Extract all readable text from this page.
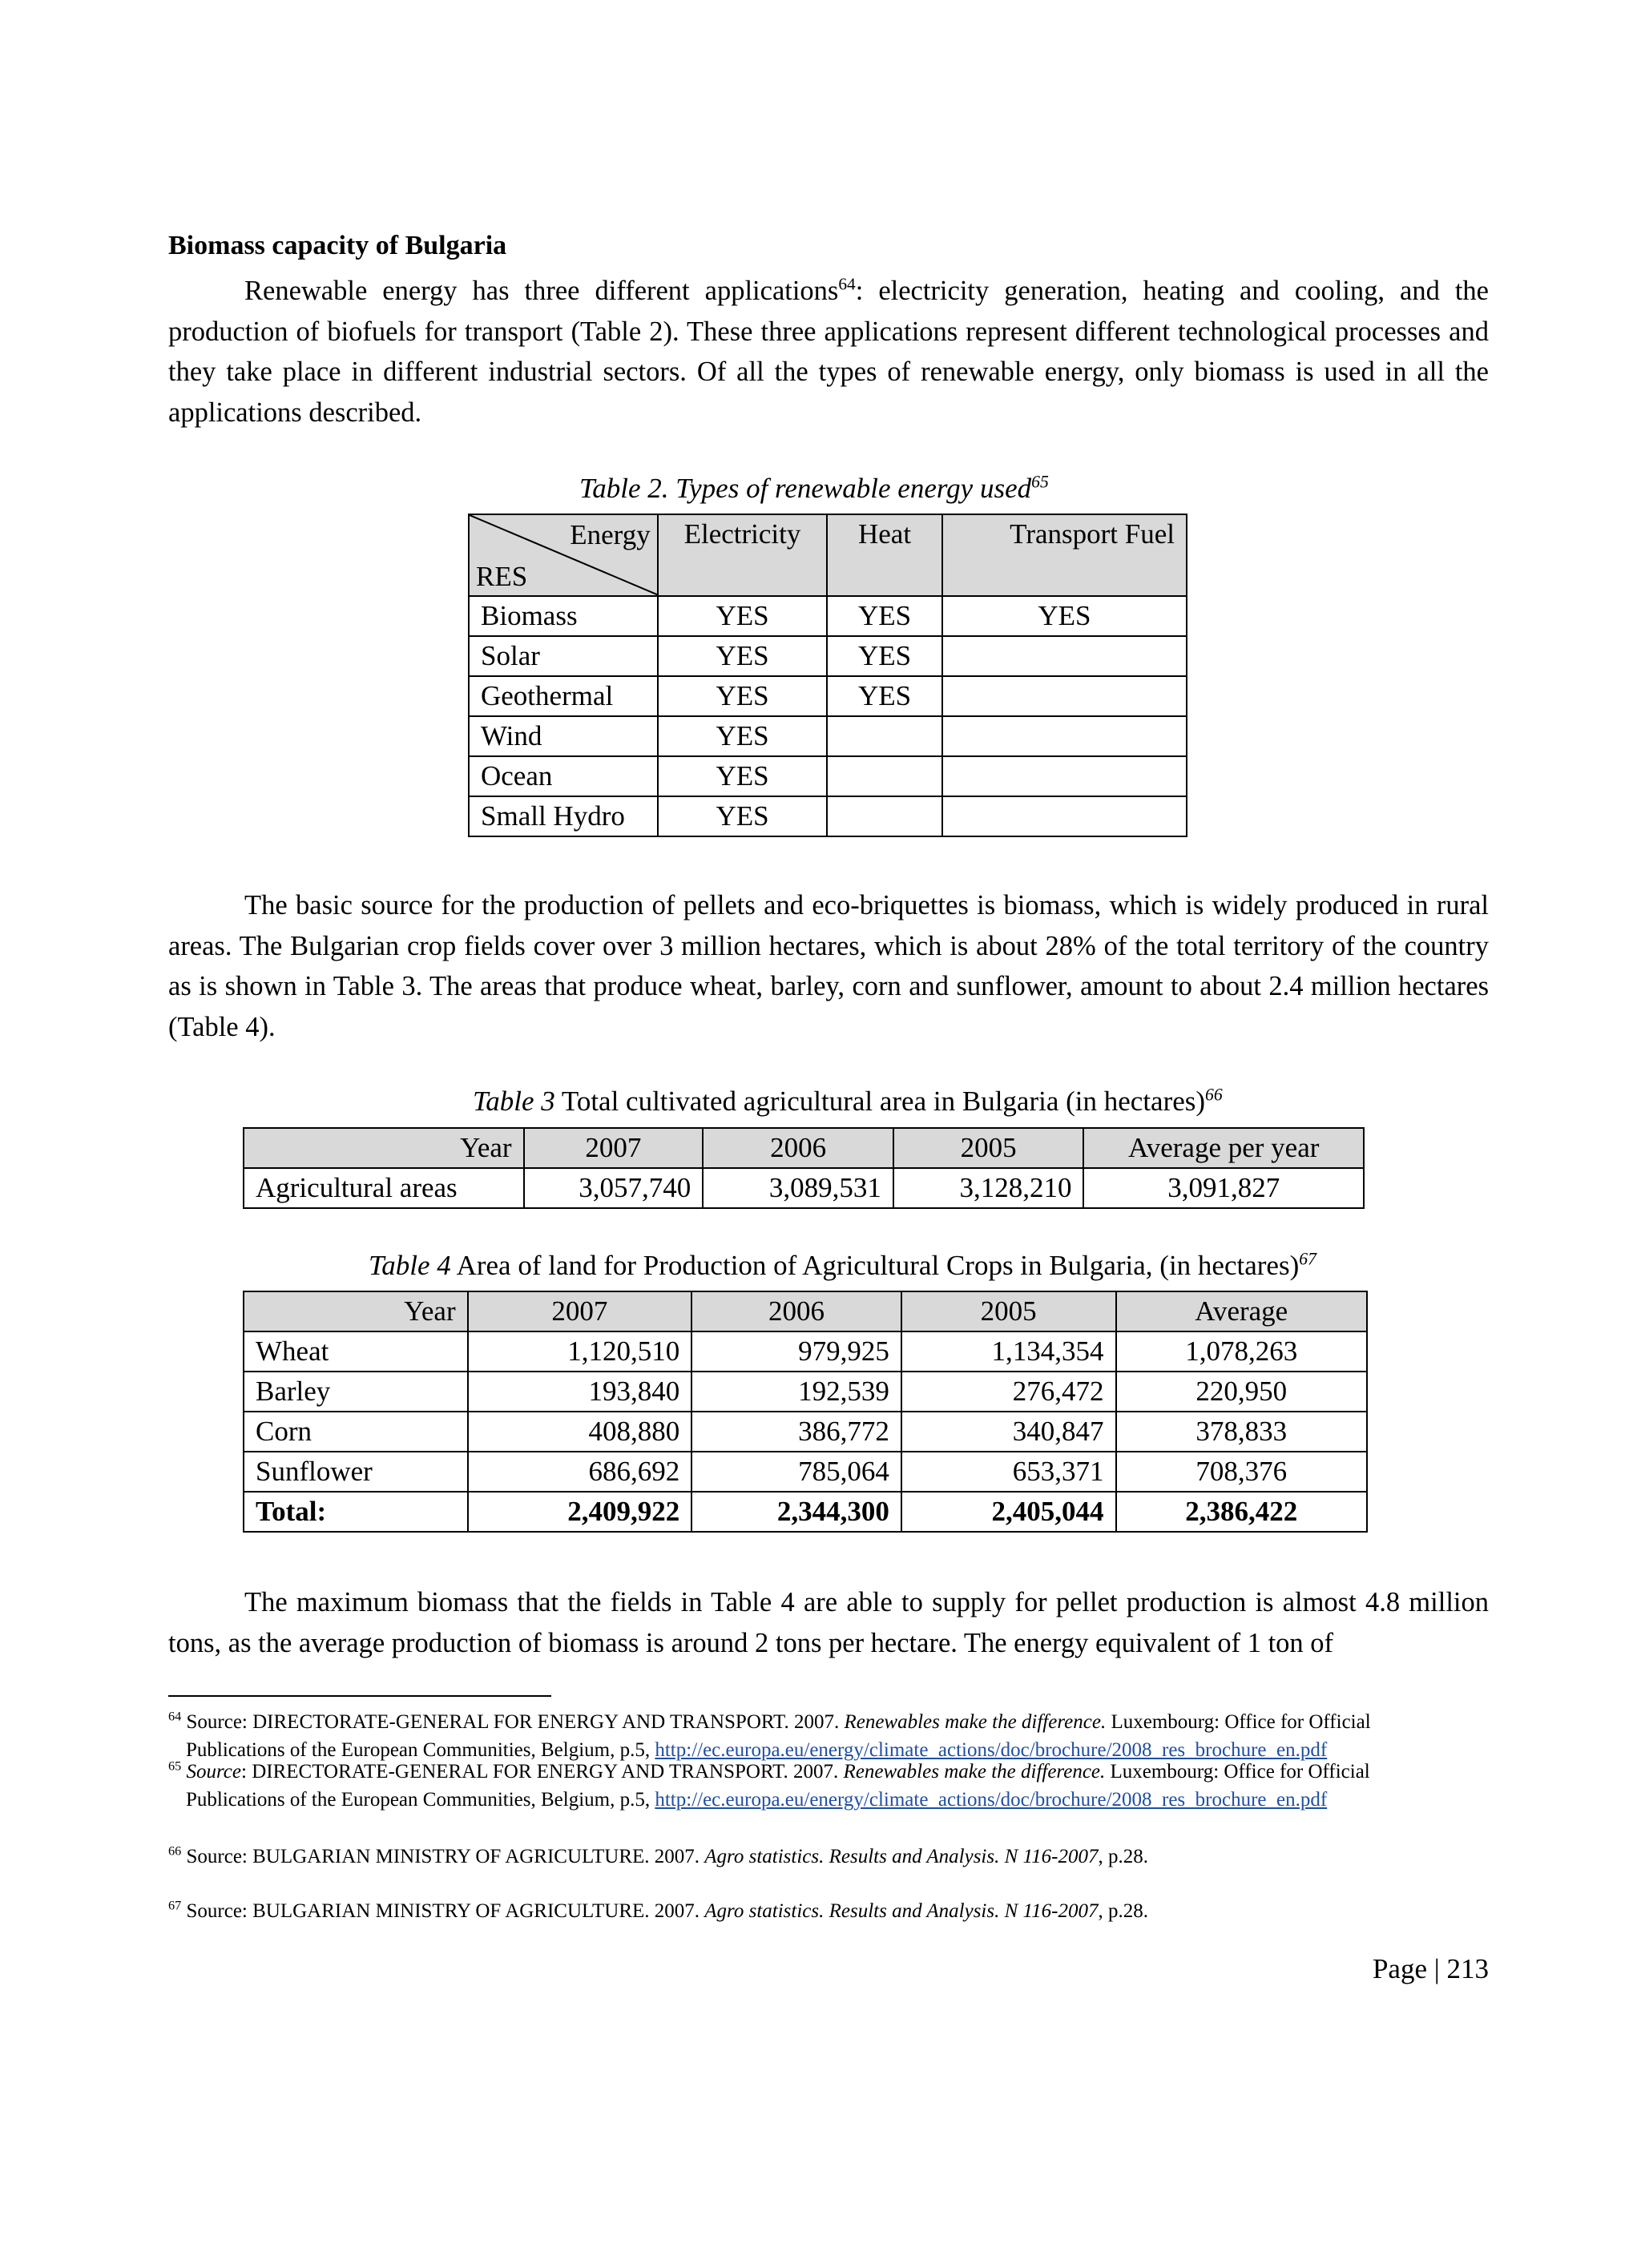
Biomass capacity of Bulgaria

Renewable energy has three different applications$^{64}$: electricity generation, heating and cooling, and the production of biofuels for transport (Table 2). These three applications represent different technological processes and they take place in different industrial sectors. Of all the types of renewable energy, only biomass is used in all the applications described.

Table 2. Types of renewable energy used$^{65}$
Energy
RES	Electricity	Heat	Transport Fuel
Biomass	YES	YES	YES
Solar	YES	YES	
Geothermal	YES	YES	
Wind	YES		
Ocean	YES		
Small Hydro	YES		

The basic source for the production of pellets and eco-briquettes is biomass, which is widely produced in rural areas. The Bulgarian crop fields cover over 3 million hectares, which is about 28% of the total territory of the country as is shown in Table 3. The areas that produce wheat, barley, corn and sunflower, amount to about 2.4 million hectares (Table 4).

Table 3 Total cultivated agricultural area in Bulgaria (in hectares)$^{66}$
Year	2007	2006	2005	Average per year
Agricultural areas	3,057,740	3,089,531	3,128,210	3,091,827
Table 4 Area of land for Production of Agricultural Crops in Bulgaria, (in hectares)$^{67}$
Year	2007	2006	2005	Average
Wheat	1,120,510	979,925	1,134,354	1,078,263
Barley	193,840	192,539	276,472	220,950
Corn	408,880	386,772	340,847	378,833
Sunflower	686,692	785,064	653,371	708,376
Total:	2,409,922	2,344,300	2,405,044	2,386,422

The maximum biomass that the fields in Table 4 are able to supply for pellet production is almost 4.8 million tons, as the average production of biomass is around 2 tons per hectare. The energy equivalent of 1 ton of

$^{64}$ Source: DIRECTORATE-GENERAL FOR ENERGY AND TRANSPORT. 2007. Renewables make the difference. Luxembourg: Office for Official
Publications of the European Communities, Belgium, p.5, http://ec.europa.eu/energy/climate_actions/doc/brochure/2008_res_brochure_en.pdf

$^{65}$ Source: DIRECTORATE-GENERAL FOR ENERGY AND TRANSPORT. 2007. Renewables make the difference. Luxembourg: Office for Official
Publications of the European Communities, Belgium, p.5, http://ec.europa.eu/energy/climate_actions/doc/brochure/2008_res_brochure_en.pdf

$^{66}$ Source: BULGARIAN MINISTRY OF AGRICULTURE. 2007. Agro statistics. Results and Analysis. N 116-2007, p.28.

$^{67}$ Source: BULGARIAN MINISTRY OF AGRICULTURE. 2007. Agro statistics. Results and Analysis. N 116-2007, p.28.

Page | 213
